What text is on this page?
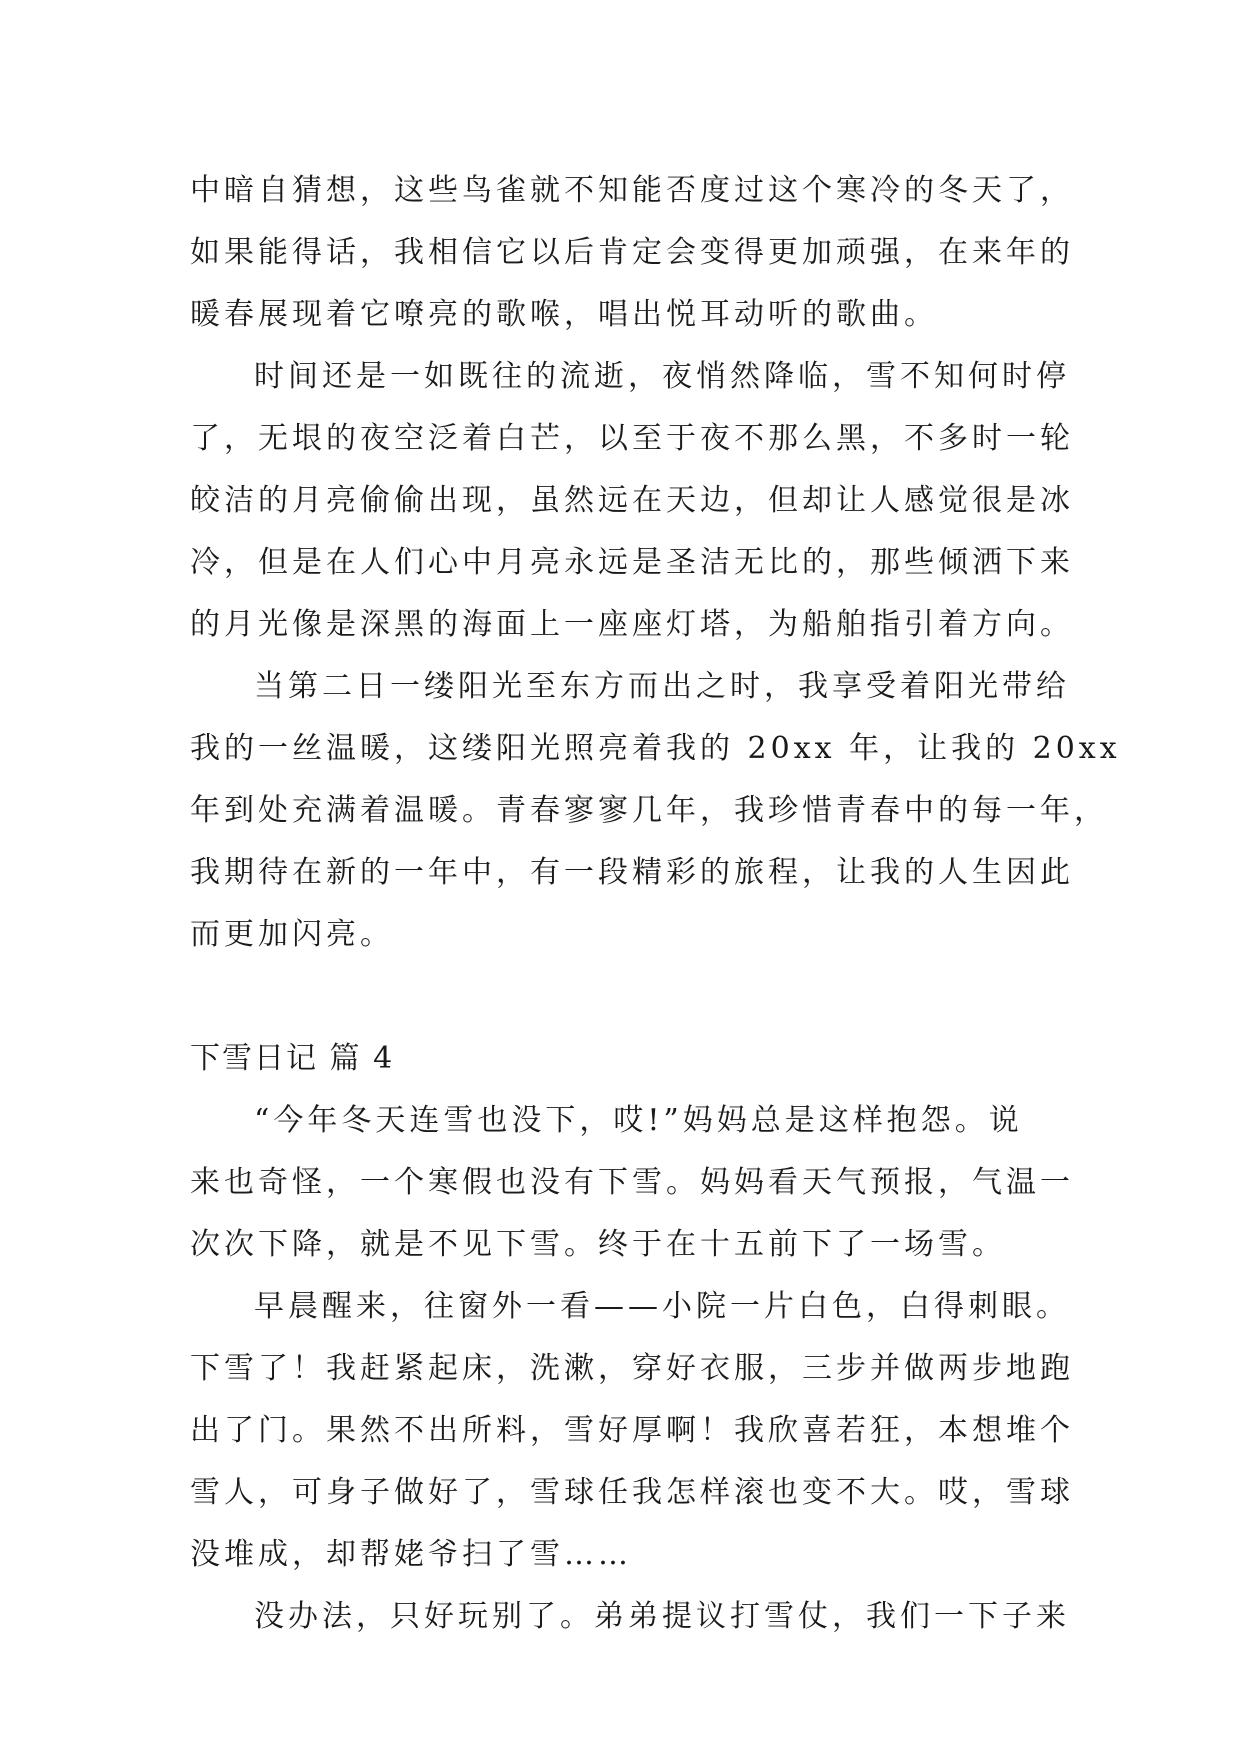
中暗自猜想，这些鸟雀就不知能否度过这个寒冷的冬天了，
如果能得话，我相信它以后肯定会变得更加顽强，在来年的
暖春展现着它嘹亮的歌喉，唱出悦耳动听的歌曲。
时间还是一如既往的流逝，夜悄然降临，雪不知何时停
了，无垠的夜空泛着白芒，以至于夜不那么黑，不多时一轮
皎洁的月亮偷偷出现，虽然远在天边，但却让人感觉很是冰
冷，但是在人们心中月亮永远是圣洁无比的，那些倾洒下来
的月光像是深黑的海面上一座座灯塔，为船舶指引着方向。
当第二日一缕阳光至东方而出之时，我享受着阳光带给
我的一丝温暖，这缕阳光照亮着我的 20xx 年，让我的 20xx
年到处充满着温暖。青春寥寥几年，我珍惜青春中的每一年，
我期待在新的一年中，有一段精彩的旅程，让我的人生因此
而更加闪亮。
下雪日记 篇 4
“今年冬天连雪也没下，哎!”妈妈总是这样抱怨。说
来也奇怪，一个寒假也没有下雪。妈妈看天气预报，气温一
次次下降，就是不见下雪。终于在十五前下了一场雪。
早晨醒来，往窗外一看——小院一片白色，白得刺眼。
下雪了！我赶紧起床，洗漱，穿好衣服，三步并做两步地跑
出了门。果然不出所料，雪好厚啊！我欣喜若狂，本想堆个
雪人，可身子做好了，雪球任我怎样滚也变不大。哎，雪球
没堆成，却帮姥爷扫了雪……
没办法，只好玩别了。弟弟提议打雪仗，我们一下子来
